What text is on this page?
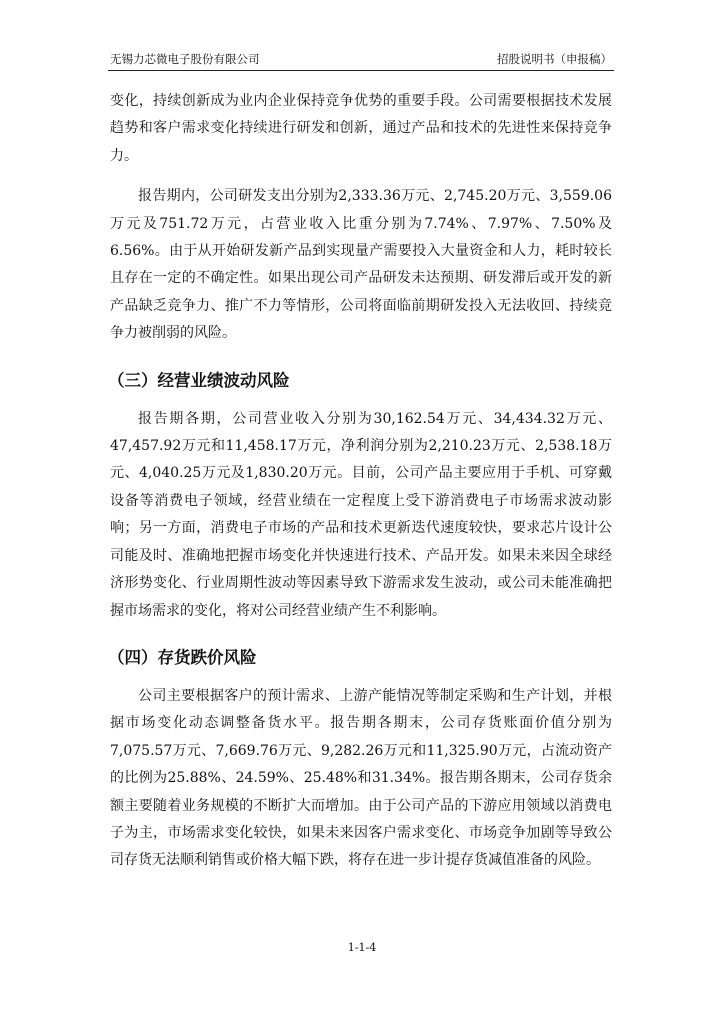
无锡力芯微电子股份有限公司	招股说明书（申报稿）

变化，持续创新成为业内企业保持竞争优势的重要手段。公司需要根据技术发展趋势和客户需求变化持续进行研发和创新，通过产品和技术的先进性来保持竞争力。

报告期内，公司研发支出分别为2,333.36万元、2,745.20万元、3,559.06万元及751.72万元，占营业收入比重分别为7.74%、7.97%、7.50%及6.56%。由于从开始研发新产品到实现量产需要投入大量资金和人力，耗时较长且存在一定的不确定性。如果出现公司产品研发未达预期、研发滞后或开发的新产品缺乏竞争力、推广不力等情形，公司将面临前期研发投入无法收回、持续竞争力被削弱的风险。

（三）经营业绩波动风险

报告期各期，公司营业收入分别为30,162.54万元、34,434.32万元、47,457.92万元和11,458.17万元，净利润分别为2,210.23万元、2,538.18万元、4,040.25万元及1,830.20万元。目前，公司产品主要应用于手机、可穿戴设备等消费电子领域，经营业绩在一定程度上受下游消费电子市场需求波动影响；另一方面，消费电子市场的产品和技术更新迭代速度较快，要求芯片设计公司能及时、准确地把握市场变化并快速进行技术、产品开发。如果未来因全球经济形势变化、行业周期性波动等因素导致下游需求发生波动，或公司未能准确把握市场需求的变化，将对公司经营业绩产生不利影响。

（四）存货跌价风险

公司主要根据客户的预计需求、上游产能情况等制定采购和生产计划，并根据市场变化动态调整备货水平。报告期各期末，公司存货账面价值分别为7,075.57万元、7,669.76万元、9,282.26万元和11,325.90万元，占流动资产的比例为25.88%、24.59%、25.48%和31.34%。报告期各期末，公司存货余额主要随着业务规模的不断扩大而增加。由于公司产品的下游应用领域以消费电子为主，市场需求变化较快，如果未来因客户需求变化、市场竞争加剧等导致公司存货无法顺利销售或价格大幅下跌，将存在进一步计提存货减值准备的风险。

1-1-4
